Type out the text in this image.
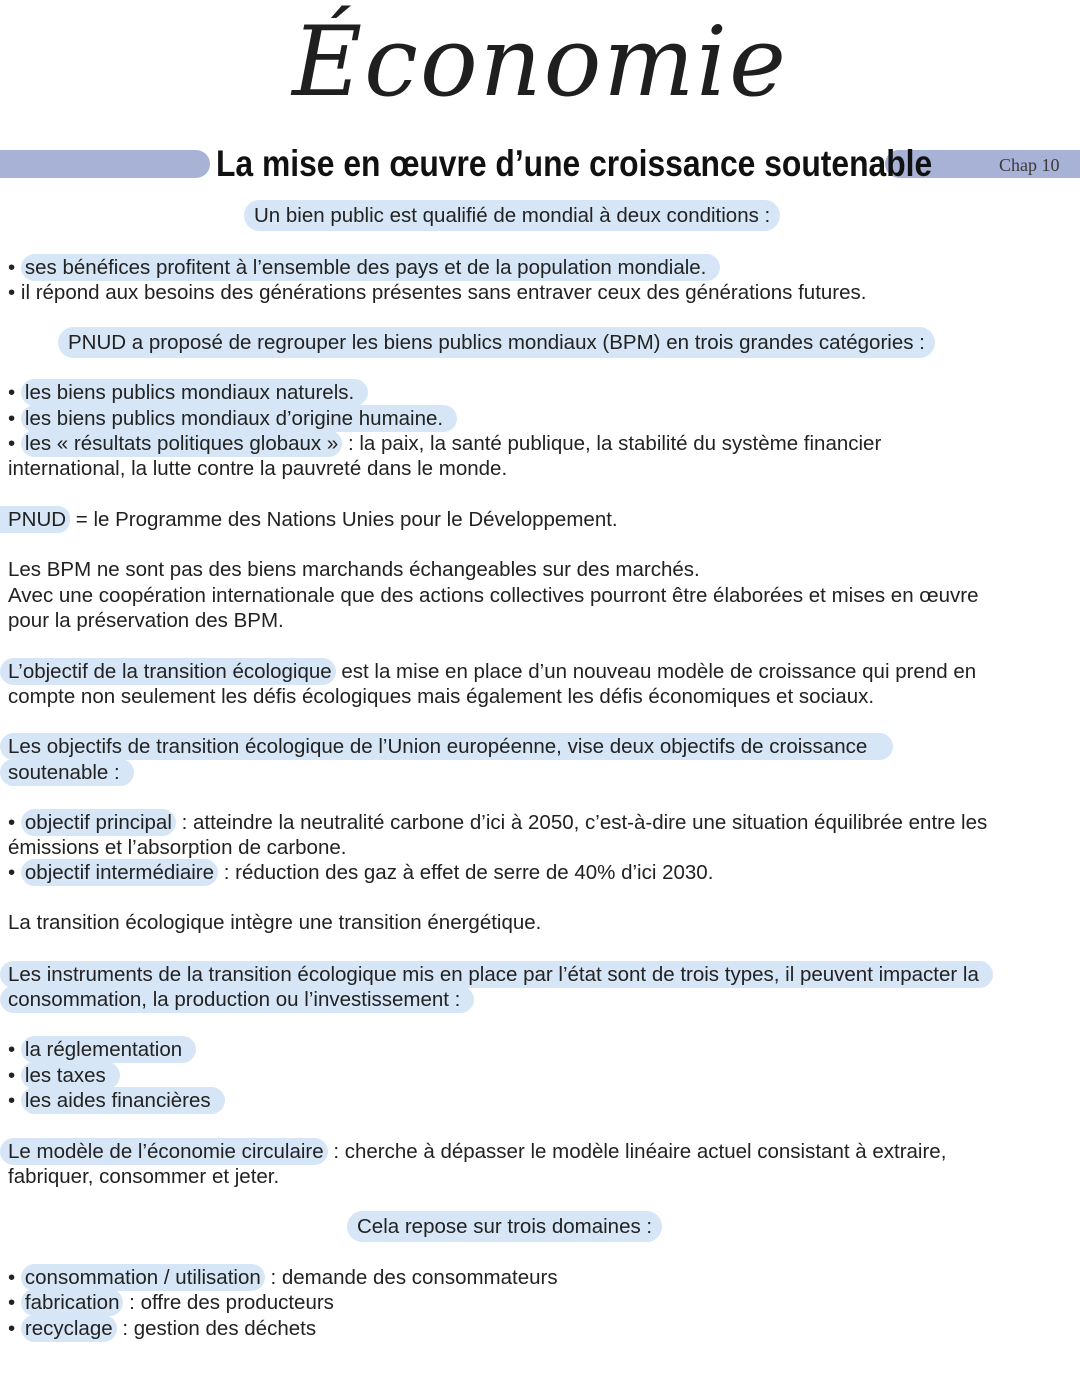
Économie
La mise en œuvre d’une croissance soutenable	Chap 10
Un bien public est qualifié de mondial à deux conditions :
• ses bénéfices profitent à l’ensemble des pays et de la population mondiale.
• il répond aux besoins des générations présentes sans entraver ceux des générations futures.
PNUD a proposé de regrouper les biens publics mondiaux (BPM) en trois grandes catégories :
• les biens publics mondiaux naturels.
• les biens publics mondiaux d’origine humaine.
• les « résultats politiques globaux » : la paix, la santé publique, la stabilité du système financier
international, la lutte contre la pauvreté dans le monde.
PNUD = le Programme des Nations Unies pour le Développement.
Les BPM ne sont pas des biens marchands échangeables sur des marchés.
Avec une coopération internationale que des actions collectives pourront être élaborées et mises en œuvre
pour la préservation des BPM.
L’objectif de la transition écologique est la mise en place d’un nouveau modèle de croissance qui prend en
compte non seulement les défis écologiques mais également les défis économiques et sociaux.
Les objectifs de transition écologique de l’Union européenne, vise deux objectifs de croissance
soutenable :
• objectif principal : atteindre la neutralité carbone d’ici à 2050, c’est-à-dire une situation équilibrée entre les
émissions et l’absorption de carbone.
• objectif intermédiaire : réduction des gaz à effet de serre de 40% d’ici 2030.
La transition écologique intègre une transition énergétique.
Les instruments de la transition écologique mis en place par l’état sont de trois types, il peuvent impacter la
consommation, la production ou l’investissement :
• la réglementation
• les taxes
• les aides financières
Le modèle de l’économie circulaire : cherche à dépasser le modèle linéaire actuel consistant à extraire,
fabriquer, consommer et jeter.
Cela repose sur trois domaines :
• consommation / utilisation : demande des consommateurs
• fabrication : offre des producteurs
• recyclage : gestion des déchets
